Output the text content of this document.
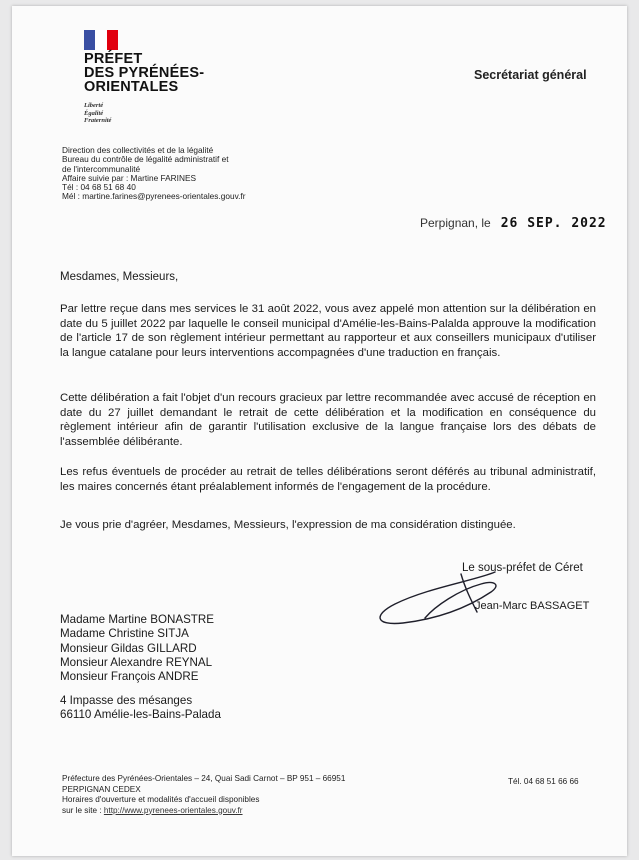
PRÉFET
DES PYRÉNÉES-
ORIENTALES
Liberté
Égalité
Fraternité
Secrétariat général
Direction des collectivités et de la légalité
Bureau du contrôle de légalité administratif et
de l'intercommunalité
Affaire suivie par : Martine FARINES
Tél : 04 68 51 68 40
Mél : martine.farines@pyrenees-orientales.gouv.fr
Perpignan, le 26 SEP. 2022
Mesdames, Messieurs,
Par lettre reçue dans mes services le 31 août 2022, vous avez appelé mon attention sur la délibération en date du 5 juillet 2022 par laquelle le conseil municipal d'Amélie-les-Bains-Palalda approuve la modification de l'article 17 de son règlement intérieur permettant au rapporteur et aux conseillers municipaux d'utiliser la langue catalane pour leurs interventions accompagnées d'une traduction en français.
Cette délibération a fait l'objet d'un recours gracieux par lettre recommandée avec accusé de réception en date du 27 juillet demandant le retrait de cette délibération et la modification en conséquence du règlement intérieur afin de garantir l'utilisation exclusive de la langue française lors des débats de l'assemblée délibérante.
Les refus éventuels de procéder au retrait de telles délibérations seront déférés au tribunal administratif, les maires concernés étant préalablement informés de l'engagement de la procédure.
Je vous prie d'agréer, Mesdames, Messieurs, l'expression de ma considération distinguée.
Le sous-préfet de Céret
Jean-Marc BASSAGET
Madame Martine BONASTRE
Madame Christine SITJA
Monsieur Gildas GILLARD
Monsieur Alexandre REYNAL
Monsieur François ANDRE
4 Impasse des mésanges
66110 Amélie-les-Bains-Palada
Préfecture des Pyrénées-Orientales – 24, Quai Sadi Carnot – BP 951 – 66951
PERPIGNAN CEDEX
Horaires d'ouverture et modalités d'accueil disponibles
sur le site : http://www.pyrenees-orientales.gouv.fr
Tél. 04 68 51 66 66
